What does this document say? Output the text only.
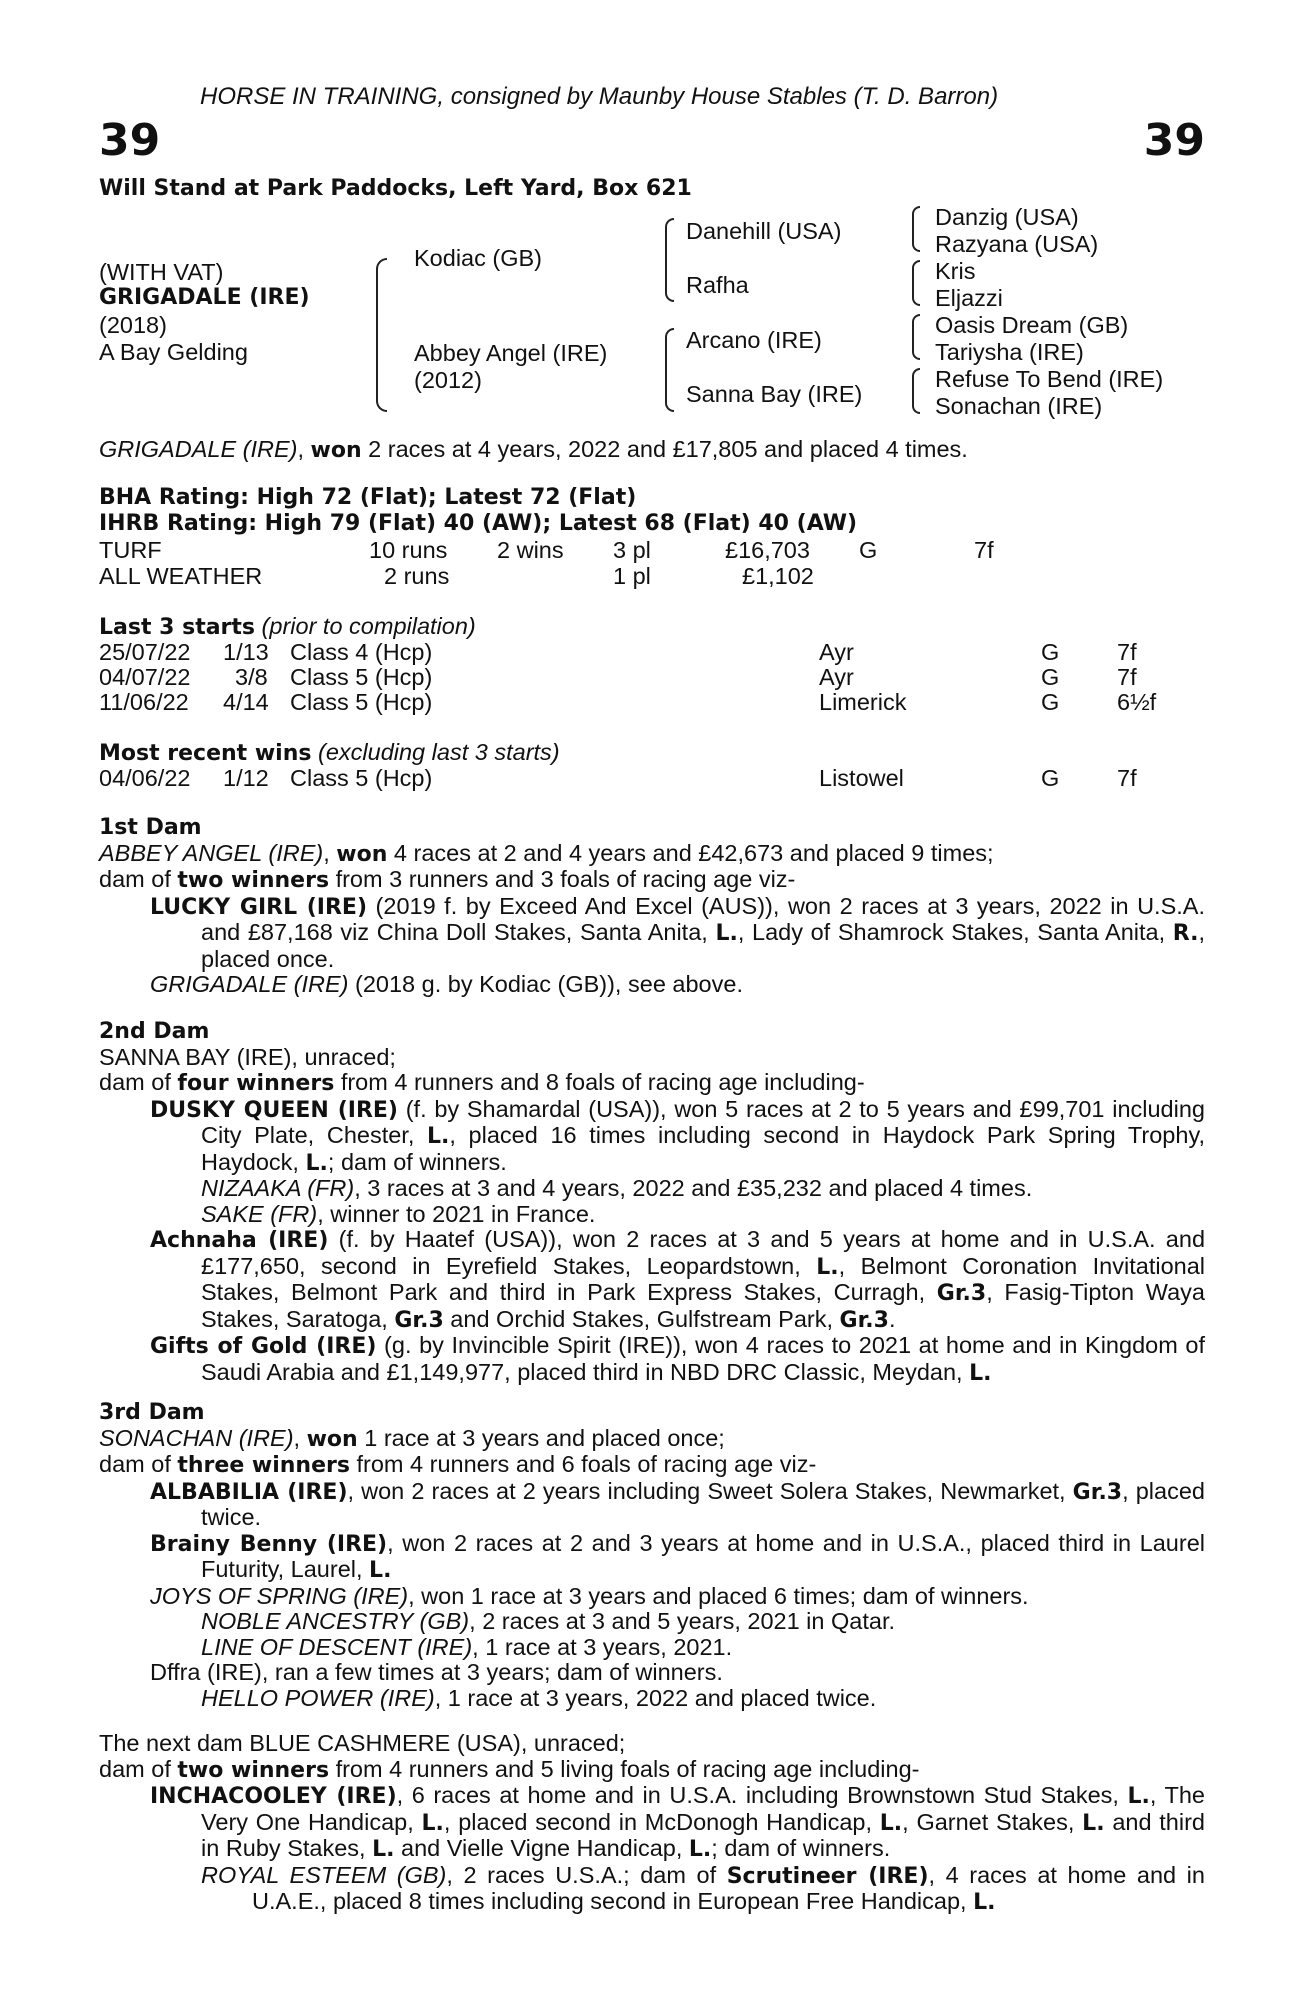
HORSE IN TRAINING, consigned by Maunby House Stables (T. D. Barron)
39	39
Will Stand at Park Paddocks, Left Yard, Box 621
(WITH VAT)
GRIGADALE (IRE)
(2018)
A Bay Gelding
Kodiac (GB)
Abbey Angel (IRE)
(2012)
Danehill (USA)
Rafha
Arcano (IRE)
Sanna Bay (IRE)
Danzig (USA)
Razyana (USA)
Kris
Eljazzi
Oasis Dream (GB)
Tariysha (IRE)
Refuse To Bend (IRE)
Sonachan (IRE)
GRIGADALE (IRE), won 2 races at 4 years, 2022 and £17,805 and placed 4 times.
BHA Rating: High 72 (Flat); Latest 72 (Flat)
IHRB Rating: High 79 (Flat) 40 (AW); Latest 68 (Flat) 40 (AW)
TURF	10 runs 2 wins 3 pl	£16,703 G	7f
ALL WEATHER	2 runs	1 pl	£1,102
Last 3 starts (prior to compilation)
25/07/22 1/13 Class 4 (Hcp)	Ayr	G 7f
04/07/22 3/8 Class 5 (Hcp)	Ayr	G 7f
11/06/22 4/14 Class 5 (Hcp)	Limerick	G 6½f
Most recent wins (excluding last 3 starts)
04/06/22 1/12 Class 5 (Hcp)	Listowel	G 7f
1st Dam
ABBEY ANGEL (IRE), won 4 races at 2 and 4 years and £42,673 and placed 9 times;
dam of two winners from 3 runners and 3 foals of racing age viz-
LUCKY GIRL (IRE) (2019 f. by Exceed And Excel (AUS)), won 2 races at 3 years, 2022 in U.S.A. and £87,168 viz China Doll Stakes, Santa Anita, L., Lady of Shamrock Stakes, Santa Anita, R., placed once.
GRIGADALE (IRE) (2018 g. by Kodiac (GB)), see above.
2nd Dam
SANNA BAY (IRE), unraced;
dam of four winners from 4 runners and 8 foals of racing age including-
DUSKY QUEEN (IRE) (f. by Shamardal (USA)), won 5 races at 2 to 5 years and £99,701 including City Plate, Chester, L., placed 16 times including second in Haydock Park Spring Trophy, Haydock, L.; dam of winners.
NIZAAKA (FR), 3 races at 3 and 4 years, 2022 and £35,232 and placed 4 times.
SAKE (FR), winner to 2021 in France.
Achnaha (IRE) (f. by Haatef (USA)), won 2 races at 3 and 5 years at home and in U.S.A. and £177,650, second in Eyrefield Stakes, Leopardstown, L., Belmont Coronation Invitational Stakes, Belmont Park and third in Park Express Stakes, Curragh, Gr.3, Fasig-Tipton Waya Stakes, Saratoga, Gr.3 and Orchid Stakes, Gulfstream Park, Gr.3.
Gifts of Gold (IRE) (g. by Invincible Spirit (IRE)), won 4 races to 2021 at home and in Kingdom of Saudi Arabia and £1,149,977, placed third in NBD DRC Classic, Meydan, L.
3rd Dam
SONACHAN (IRE), won 1 race at 3 years and placed once;
dam of three winners from 4 runners and 6 foals of racing age viz-
ALBABILIA (IRE), won 2 races at 2 years including Sweet Solera Stakes, Newmarket, Gr.3, placed twice.
Brainy Benny (IRE), won 2 races at 2 and 3 years at home and in U.S.A., placed third in Laurel Futurity, Laurel, L.
JOYS OF SPRING (IRE), won 1 race at 3 years and placed 6 times; dam of winners.
NOBLE ANCESTRY (GB), 2 races at 3 and 5 years, 2021 in Qatar.
LINE OF DESCENT (IRE), 1 race at 3 years, 2021.
Dffra (IRE), ran a few times at 3 years; dam of winners.
HELLO POWER (IRE), 1 race at 3 years, 2022 and placed twice.
The next dam BLUE CASHMERE (USA), unraced;
dam of two winners from 4 runners and 5 living foals of racing age including-
INCHACOOLEY (IRE), 6 races at home and in U.S.A. including Brownstown Stud Stakes, L., The Very One Handicap, L., placed second in McDonogh Handicap, L., Garnet Stakes, L. and third in Ruby Stakes, L. and Vielle Vigne Handicap, L.; dam of winners.
ROYAL ESTEEM (GB), 2 races U.S.A.; dam of Scrutineer (IRE), 4 races at home and in U.A.E., placed 8 times including second in European Free Handicap, L.
